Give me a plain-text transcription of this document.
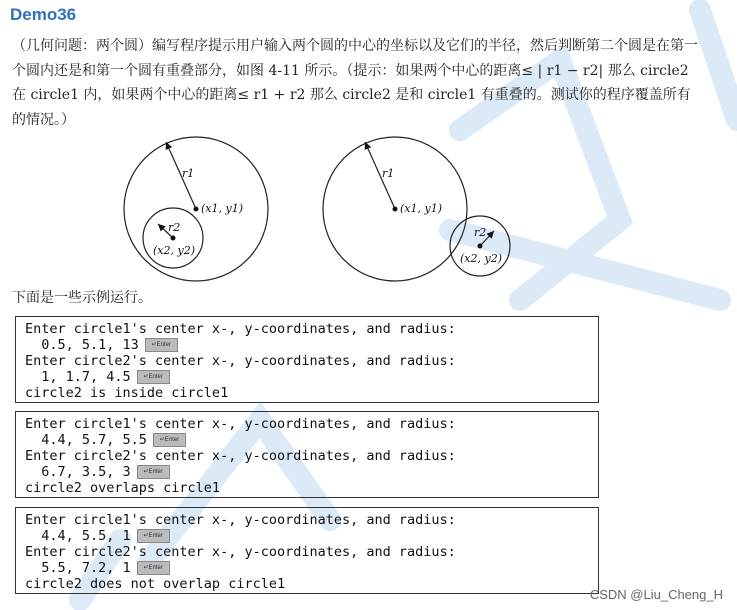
Demo36
（几何问题：两个圆）编写程序提示用户输入两个圆的中心的坐标以及它们的半径，然后判断第二个圆是在第一个圆内还是和第一个圆有重叠部分，如图 4-11 所示。（提示：如果两个中心的距离≤ | r1 − r2| 那么 circle2 在 circle1 内，如果两个中心的距离≤ r1 + r2 那么 circle2 是和 circle1 有重叠的。测试你的程序覆盖所有的情况。）
r1
r2
(x1, y1)
(x2, y2)
r1
r2
(x1, y1)
(x2, y2)
下面是一些示例运行。
Enter circle1's center x-, y-coordinates, and radius:
0.5, 5.1, 13 ↵Enter
Enter circle2's center x-, y-coordinates, and radius:
1, 1.7, 4.5 ↵Enter
circle2 is inside circle1
Enter circle1's center x-, y-coordinates, and radius:
4.4, 5.7, 5.5 ↵Enter
Enter circle2's center x-, y-coordinates, and radius:
6.7, 3.5, 3 ↵Enter
circle2 overlaps circle1
Enter circle1's center x-, y-coordinates, and radius:
4.4, 5.5, 1 ↵Enter
Enter circle2's center x-, y-coordinates, and radius:
5.5, 7.2, 1 ↵Enter
circle2 does not overlap circle1
CSDN @Liu_Cheng_H
